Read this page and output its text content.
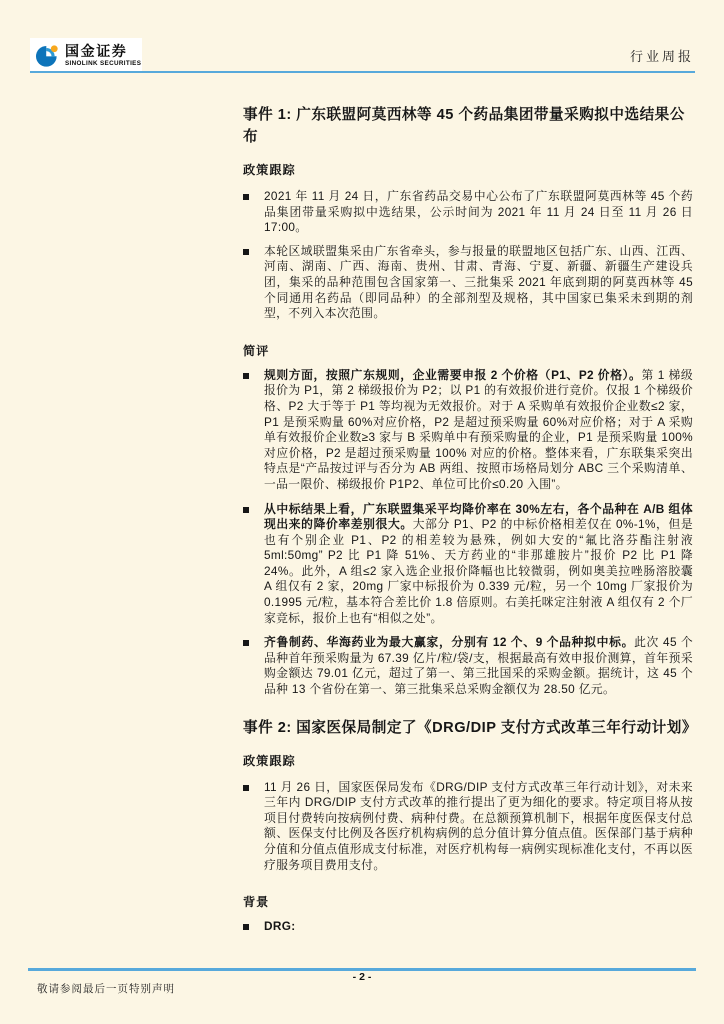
国金证券
SINOLINK SECURITIES	行业周报
事件 1: 广东联盟阿莫西林等 45 个药品集团带量采购拟中选结果公布
政策跟踪

2021 年 11 月 24 日，广东省药品交易中心公布了广东联盟阿莫西林等 45 个药品集团带量采购拟中选结果，公示时间为 2021 年 11 月 24 日至 11 月 26 日 17:00。

本轮区域联盟集采由广东省牵头，参与报量的联盟地区包括广东、山西、江西、河南、湖南、广西、海南、贵州、甘肃、青海、宁夏、新疆、新疆生产建设兵团，集采的品种范围包含国家第一、三批集采 2021 年底到期的阿莫西林等 45 个同通用名药品（即同品种）的全部剂型及规格，其中国家已集采未到期的剂型，不列入本次范围。

简评

规则方面，按照广东规则，企业需要申报 2 个价格（P1、P2 价格）。第 1 梯级报价为 P1，第 2 梯级报价为 P2；以 P1 的有效报价进行竞价。仅报 1 个梯级价格、P2 大于等于 P1 等均视为无效报价。对于 A 采购单有效报价企业数≤2 家，P1 是预采购量 60%对应价格，P2 是超过预采购量 60%对应价格；对于 A 采购单有效报价企业数≥3 家与 B 采购单中有预采购量的企业，P1 是预采购量 100%对应价格，P2 是超过预采购量 100% 对应的价格。整体来看，广东联集采突出特点是“产品按过评与否分为 AB 两组、按照市场格局划分 ABC 三个采购清单、一品一限价、梯级报价 P1P2、单位可比价≤0.20 入围”。

从中标结果上看，广东联盟集采平均降价率在 30%左右，各个品种在 A/B 组体现出来的降价率差别很大。大部分 P1、P2 的中标价格相差仅在 0%-1%，但是也有个别企业 P1、P2 的相差较为悬殊，例如大安的“氟比洛芬酯注射液 5ml:50mg” P2 比 P1 降 51%、天方药业的“非那雄胺片”报价 P2 比 P1 降 24%。此外，A 组≤2 家入选企业报价降幅也比较微弱，例如奥美拉唑肠溶胶囊 A 组仅有 2 家，20mg 厂家中标报价为 0.339 元/粒，另一个 10mg 厂家报价为 0.1995 元/粒，基本符合差比价 1.8 倍原则。右美托咪定注射液 A 组仅有 2 个厂家竞标，报价上也有“相似之处”。

齐鲁制药、华海药业为最大赢家，分别有 12 个、9 个品种拟中标。此次 45 个品种首年预采购量为 67.39 亿片/粒/袋/支，根据最高有效申报价测算，首年预采购金额达 79.01 亿元，超过了第一、第三批国采的采购金额。据统计，这 45 个品种 13 个省份在第一、第三批集采总采购金额仅为 28.50 亿元。

事件 2: 国家医保局制定了《DRG/DIP 支付方式改革三年行动计划》
政策跟踪

11 月 26 日，国家医保局发布《DRG/DIP 支付方式改革三年行动计划》，对未来三年内 DRG/DIP 支付方式改革的推行提出了更为细化的要求。特定项目将从按项目付费转向按病例付费、病种付费。在总额预算机制下，根据年度医保支付总额、医保支付比例及各医疗机构病例的总分值计算分值点值。医保部门基于病种分值和分值点值形成支付标准，对医疗机构每一病例实现标准化支付，不再以医疗服务项目费用支付。

背景

DRG:

- 2 -
敬请参阅最后一页特别声明
